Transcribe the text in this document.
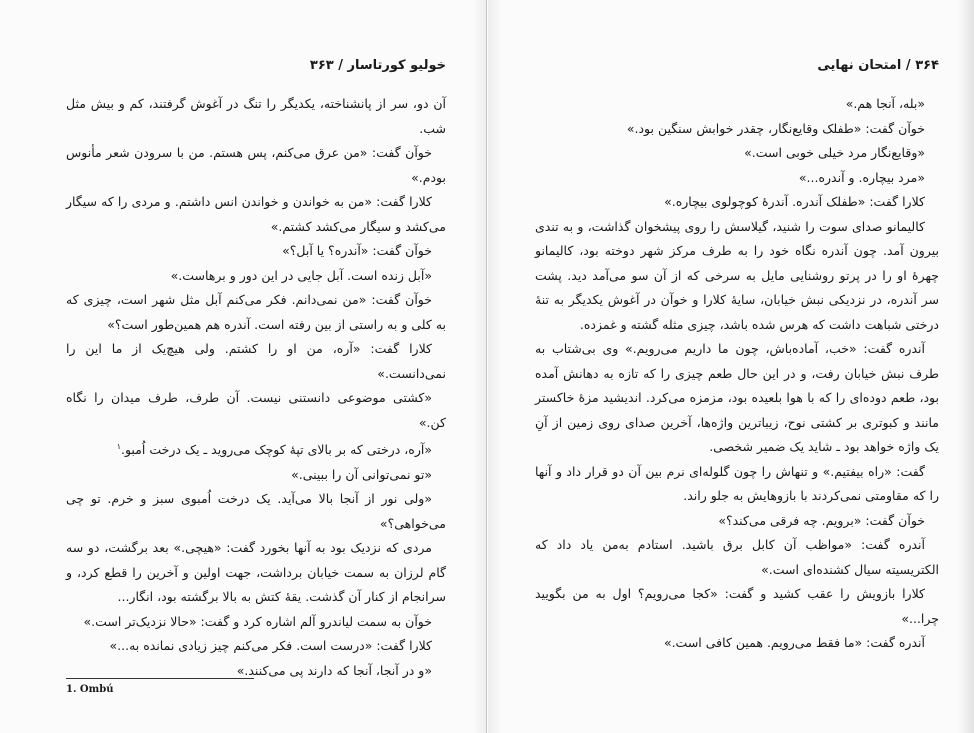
خولیو کورتاسار / ۳۶۳

آن دو، سر از پانشناخته، یکدیگر را تنگ در آغوش گرفتند، کم و بیش مثل شب.

خوآن گفت: «من عرق می‌کنم، پس هستم. من با سرودن شعر مأنوس بودم.»

کلارا گفت: «من به خواندن و خواندن انس داشتم. و مردی را که سیگار می‌کشد و سیگار می‌کشد کشتم.»

خوآن گفت: «آندره؟ یا آبل؟»

«آبل زنده است. آبل جایی در این دور و برهاست.»

خوآن گفت: «من نمی‌دانم. فکر می‌کنم آبل مثل شهر است، چیزی که به کلی و به راستی از بین رفته است. آندره هم همین‌طور است؟»

کلارا گفت: «آره، من او را کشتم. ولی هیچ‌یک از ما این را نمی‌دانست.»

«کشتی موضوعی دانستنی نیست. آن طرف، طرف میدان را نگاه کن.»

«آره، درختی که بر بالای تپهٔ کوچک می‌روید ـ یک درخت اُمبو.$^۱$

«تو نمی‌توانی آن را ببینی.»

«ولی نور از آنجا بالا می‌آید. یک درخت اُمبوی سبز و خرم. تو چی می‌خواهی؟»

مردی که نزدیک بود به آنها بخورد گفت: «هیچی.» بعد برگشت، دو سه گام لرزان به سمت خیابان برداشت، جهت اولین و آخرین را قطع کرد، و سرانجام از کنار آن گذشت. یقهٔ کتش به بالا برگشته بود، انگار...

خوآن به سمت لیاندرو آلم اشاره کرد و گفت: «حالا نزدیک‌تر است.»

کلارا گفت: «درست است. فکر می‌کنم چیز زیادی نمانده به...»

«و در آنجا، آنجا که دارند پی می‌کنند.»

1. Ombú
۳۶۴ / امتحان نهایی

«بله، آنجا هم.»

خوآن گفت: «طفلک وقایع‌نگار، چقدر خوابش سنگین بود.»

«وقایع‌نگار مرد خیلی خوبی است.»

«مرد بیچاره. و آندره...»

کلارا گفت: «طفلک آندره. آندرهٔ کوچولوی بیچاره.»

کالیمانو صدای سوت را شنید، گیلاسش را روی پیشخوان گذاشت، و به تندی بیرون آمد. چون آندره نگاه خود را به طرف مرکز شهر دوخته بود، کالیمانو چهرهٔ او را در پرتو روشنایی مایل به سرخی که از آن سو می‌آمد دید. پشت سر آندره، در نزدیکی نبش خیابان، سایهٔ کلارا و خوآن در آغوش یکدیگر به تنهٔ درختی شباهت داشت که هرس شده باشد، چیزی مثله گشته و غمزده.

آندره گفت: «خب، آماده‌باش، چون ما داریم می‌رویم.» وی بی‌شتاب به طرف نبش خیابان رفت، و در این حال طعم چیزی را که تازه به دهانش آمده بود، طعم دوده‌ای را که با هوا بلعیده بود، مزمزه می‌کرد. اندیشید مزهٔ خاکستر مانند و کبوتری بر کشتی نوح، زیباترین واژه‌ها، آخرین صدای روی زمین از آنِ یک واژه خواهد بود ـ شاید یک ضمیر شخصی.

گفت: «راه بیفتیم.» و تنهاش را چون گلوله‌ای نرم بین آن دو قرار داد و آنها را که مقاومتی نمی‌کردند با بازوهایش به جلو راند.

خوآن گفت: «برویم. چه فرقی می‌کند؟»

آندره گفت: «مواظب آن کابل برق باشید. استادم به‌من یاد داد که الکتریسیته سیال کشنده‌ای است.»

کلارا بازویش را عقب کشید و گفت: «کجا می‌رویم؟ اول به من بگویید چرا...»

آندره گفت: «ما فقط می‌رویم. همین کافی است.»
